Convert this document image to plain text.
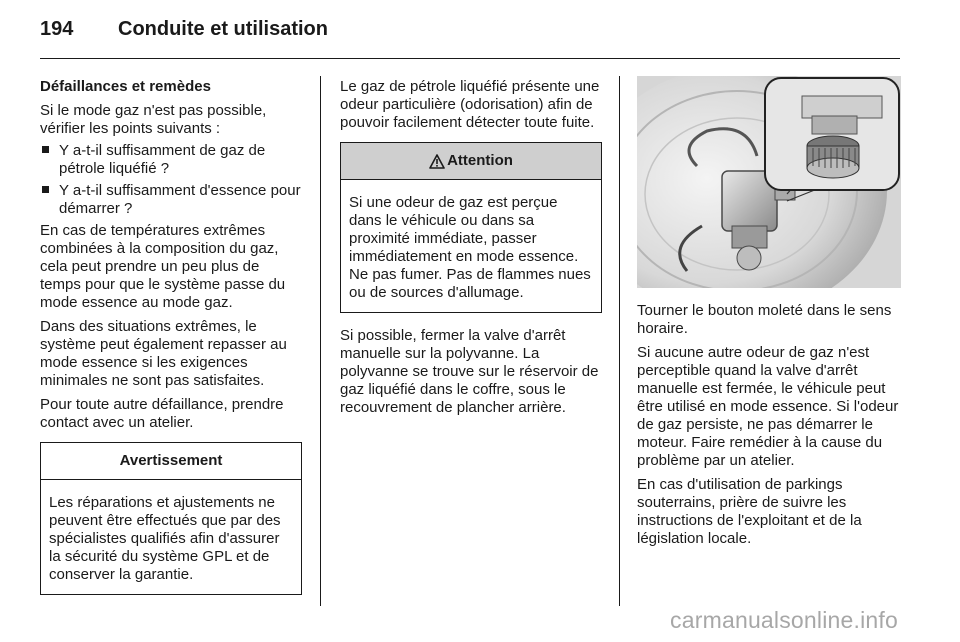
194	Conduite et utilisation

Défaillances et remèdes

Si le mode gaz n'est pas possible, vérifier les points suivants :

Y a-t-il suffisamment de gaz de pétrole liquéfié ?
Y a-t-il suffisamment d'essence pour démarrer ?

En cas de températures extrêmes combinées à la composition du gaz, cela peut prendre un peu plus de temps pour que le système passe du mode essence au mode gaz.

Dans des situations extrêmes, le système peut également repasser au mode essence si les exigences minimales ne sont pas satisfaites.

Pour toute autre défaillance, prendre contact avec un atelier.

Avertissement
Les réparations et ajustements ne peuvent être effectués que par des spécialistes qualifiés afin d'assurer la sécurité du système GPL et de conserver la garantie.

Le gaz de pétrole liquéfié présente une odeur particulière (odorisation) afin de pouvoir facilement détecter toute fuite.

Attention
Si une odeur de gaz est perçue dans le véhicule ou dans sa proximité immédiate, passer immédiatement en mode essence. Ne pas fumer. Pas de flammes nues ou de sources d'allumage.

Si possible, fermer la valve d'arrêt manuelle sur la polyvanne. La polyvanne se trouve sur le réservoir de gaz liquéfié dans le coffre, sous le recouvrement de plancher arrière.

Tourner le bouton moleté dans le sens horaire.

Si aucune autre odeur de gaz n'est perceptible quand la valve d'arrêt manuelle est fermée, le véhicule peut être utilisé en mode essence. Si l'odeur de gaz persiste, ne pas démarrer le moteur. Faire remédier à la cause du problème par un atelier.

En cas d'utilisation de parkings souterrains, prière de suivre les instructions de l'exploitant et de la législation locale.

carmanualsonline.info
